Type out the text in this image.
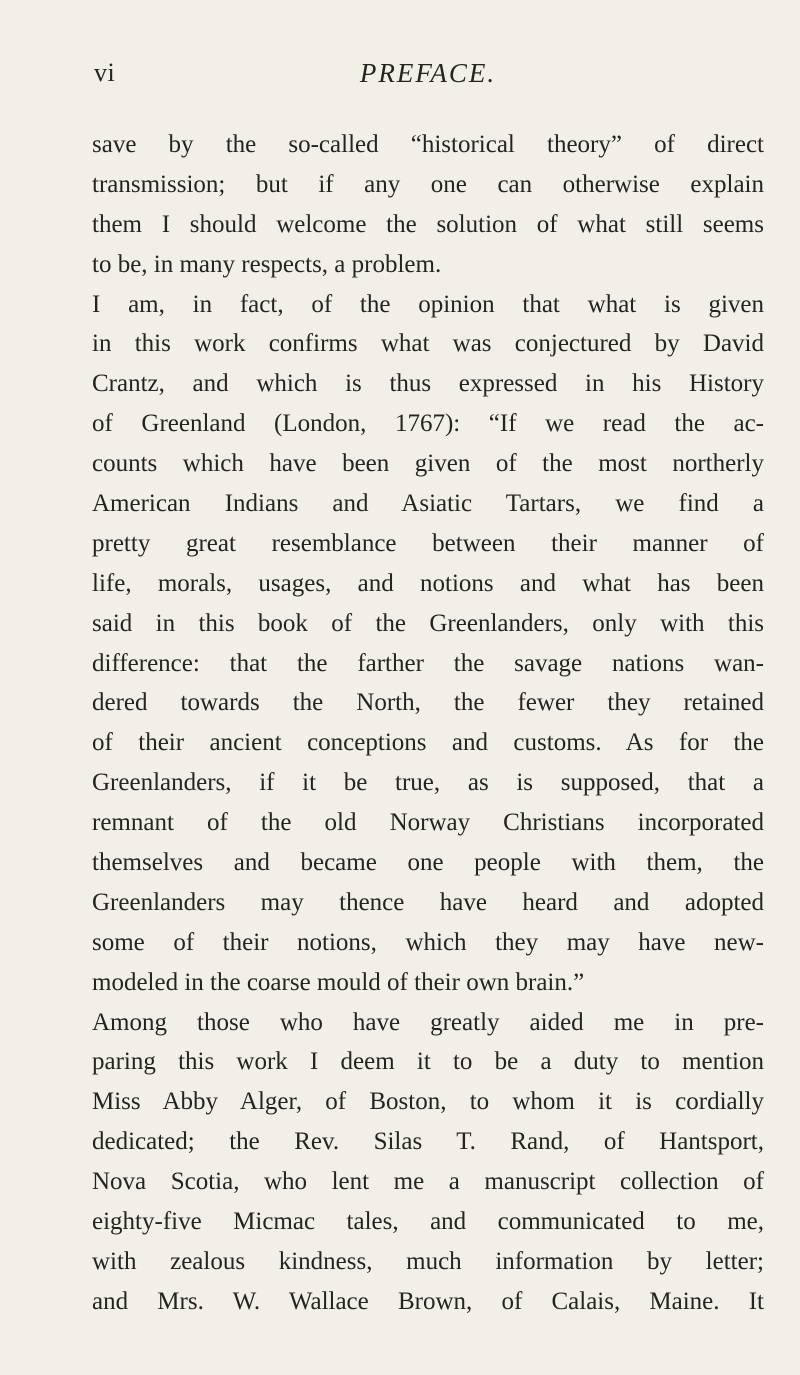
vi	PREFACE.
save by the so-called “historical theory” of direct
transmission; but if any one can otherwise explain
them I should welcome the solution of what still seems
to be, in many respects, a problem.
I am, in fact, of the opinion that what is given
in this work confirms what was conjectured by David
Crantz, and which is thus expressed in his History
of Greenland (London, 1767): “If we read the ac-
counts which have been given of the most northerly
American Indians and Asiatic Tartars, we find a
pretty great resemblance between their manner of
life, morals, usages, and notions and what has been
said in this book of the Greenlanders, only with this
difference: that the farther the savage nations wan-
dered towards the North, the fewer they retained
of their ancient conceptions and customs. As for the
Greenlanders, if it be true, as is supposed, that a
remnant of the old Norway Christians incorporated
themselves and became one people with them, the
Greenlanders may thence have heard and adopted
some of their notions, which they may have new-
modeled in the coarse mould of their own brain.”
Among those who have greatly aided me in pre-
paring this work I deem it to be a duty to mention
Miss Abby Alger, of Boston, to whom it is cordially
dedicated; the Rev. Silas T. Rand, of Hantsport,
Nova Scotia, who lent me a manuscript collection of
eighty-five Micmac tales, and communicated to me,
with zealous kindness, much information by letter;
and Mrs. W. Wallace Brown, of Calais, Maine. It
